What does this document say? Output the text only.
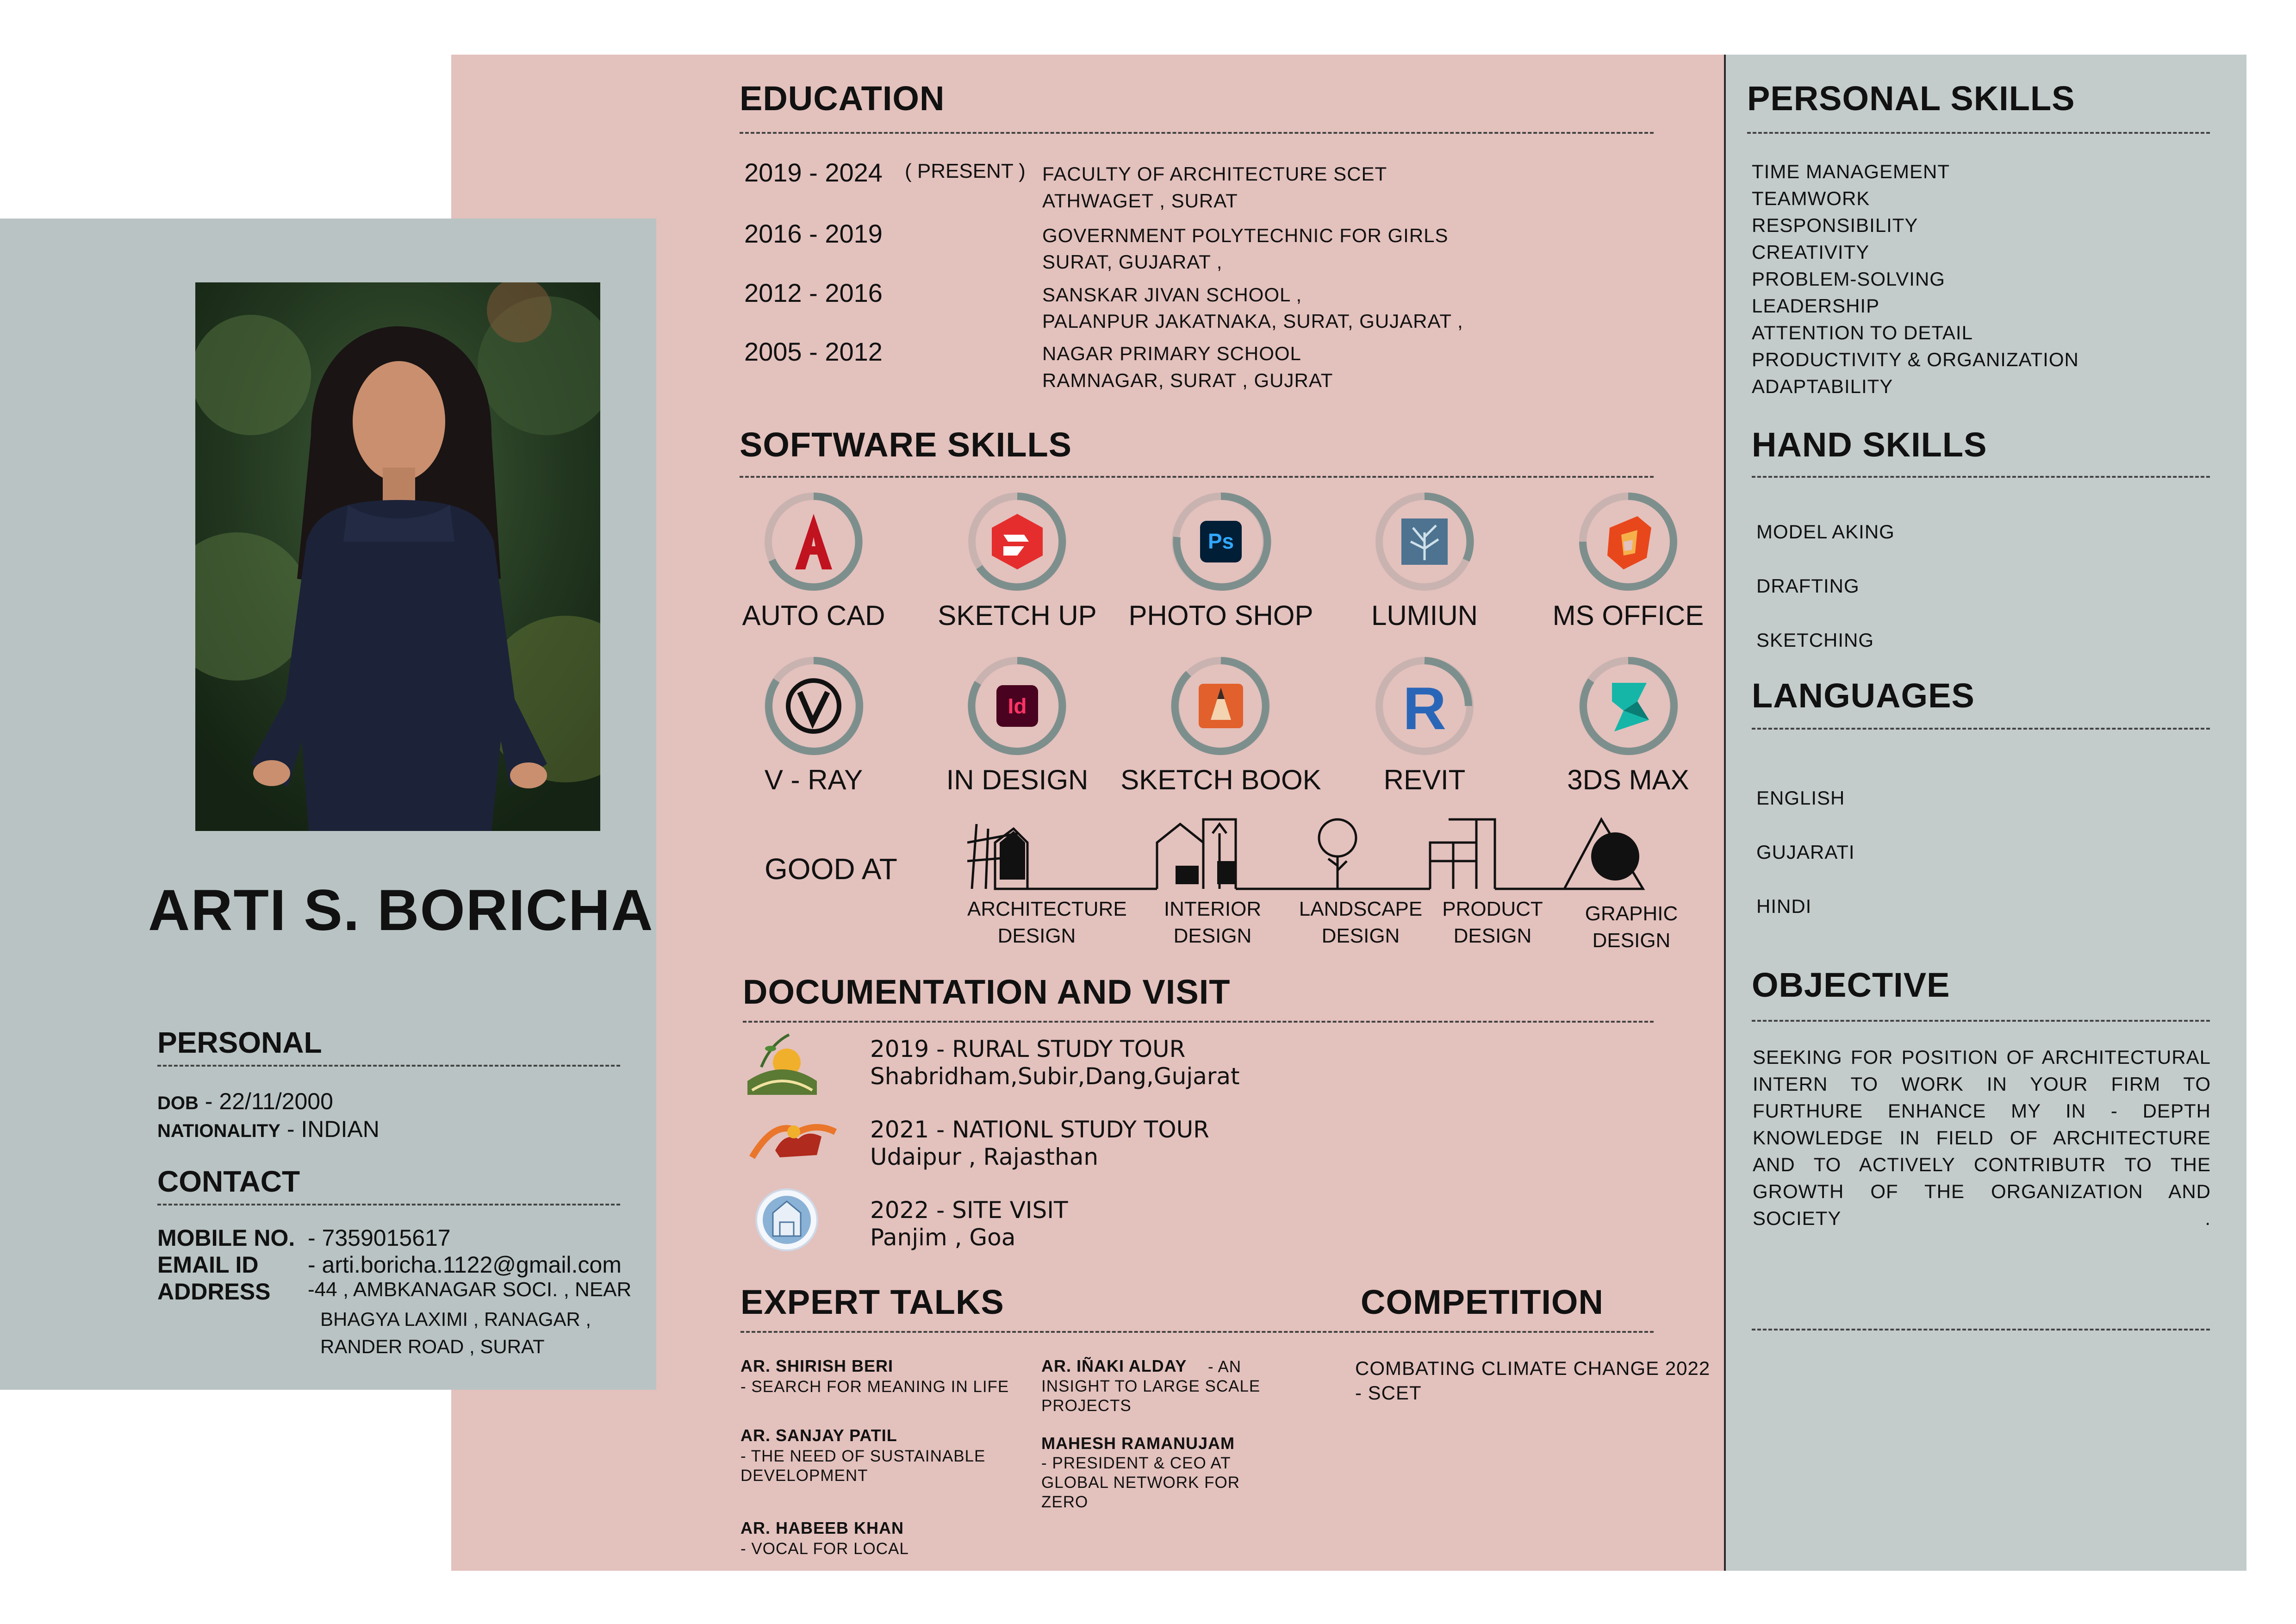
ARTI S. BORICHA
PERSONAL
DOB - 22/11/2000
NATIONALITY - INDIAN
CONTACT
MOBILE NO. - 7359015617
EMAIL ID - arti.boricha.1122@gmail.com
ADDRESS -44 , AMBKANAGAR SOCI. , NEAR
BHAGYA LAXIMI , RANAGAR ,
RANDER ROAD , SURAT
EDUCATION
2019 - 2024 ( PRESENT ) FACULTY OF ARCHITECTURE SCET
ATHWAGET , SURAT
2016 - 2019	GOVERNMENT POLYTECHNIC FOR GIRLS
SURAT, GUJARAT ,
2012 - 2016	SANSKAR JIVAN SCHOOL ,
PALANPUR JAKATNAKA, SURAT, GUJARAT ,
2005 - 2012	NAGAR PRIMARY SCHOOL
RAMNAGAR, SURAT , GUJRAT
SOFTWARE SKILLS
Ps
AUTO CAD	SKETCH UP	PHOTO SHOP	LUMIUN	MS OFFICE
Id	R
V - RAY	IN DESIGN	SKETCH BOOK	REVIT	3DS MAX
GOOD AT
ARCHITECTURE
DESIGN
INTERIOR
DESIGN
LANDSCAPE
DESIGN
PRODUCT
DESIGN
GRAPHIC
DESIGN
DOCUMENTATION AND VISIT
2019 - RURAL STUDY TOUR
Shabridham,Subir,Dang,Gujarat
2021 - NATIONL STUDY TOUR
Udaipur , Rajasthan
2022 - SITE VISIT
Panjim , Goa
EXPERT TALKS	COMPETITION
AR. SHIRISH BERI
- SEARCH FOR MEANING IN LIFE
AR. SANJAY PATIL
- THE NEED OF SUSTAINABLE DEVELOPMENT
AR. HABEEB KHAN
- VOCAL FOR LOCAL
AR. IÑAKI ALDAY	- AN INSIGHT TO LARGE SCALE PROJECTS
MAHESH RAMANUJAM
- PRESIDENT & CEO AT GLOBAL NETWORK FOR ZERO
COMBATING CLIMATE CHANGE 2022
- SCET
PERSONAL SKILLS
TIME MANAGEMENT
TEAMWORK
RESPONSIBILITY
CREATIVITY
PROBLEM-SOLVING
LEADERSHIP
ATTENTION TO DETAIL
PRODUCTIVITY & ORGANIZATION
ADAPTABILITY
HAND SKILLS
MODEL AKING
DRAFTING
SKETCHING
LANGUAGES
ENGLISH
GUJARATI
HINDI
OBJECTIVE
SEEKING FOR POSITION OF ARCHITECTURAL INTERN TO WORK IN YOUR FIRM TO FURTHURE ENHANCE MY IN - DEPTH KNOWLEDGE IN FIELD OF ARCHITECTURE AND TO ACTIVELY CONTRIBUTR TO THE GROWTH OF THE ORGANIZATION AND SOCIETY .
